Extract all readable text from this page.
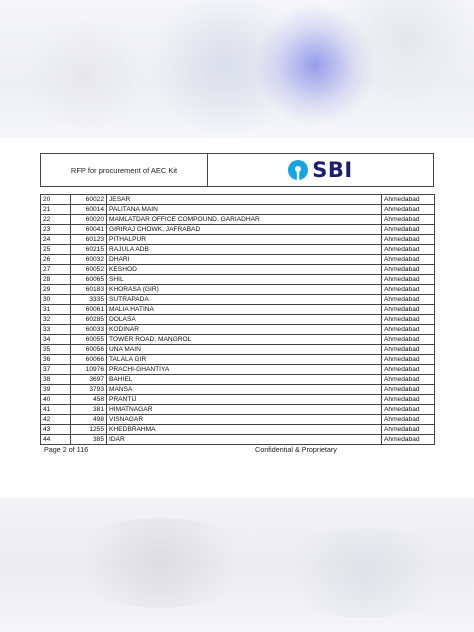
RFP for procurement of AEC Kit	SBI
20	60022	JESAR	Ahmedabad
21	60014	PALITANA MAIN	Ahmedabad
22	60020	MAMLATDAR OFFICE COMPOUND, GARIADHAR	Ahmedabad
23	60041	GIRIRAJ CHOWK, JAFRABAD	Ahmedabad
24	60123	PITHALPUR	Ahmedabad
25	60215	RAJULA ADB	Ahmedabad
26	60032	DHARI	Ahmedabad
27	60052	KESHOD	Ahmedabad
28	60065	SHIL	Ahmedabad
29	60183	KHORASA (GIR)	Ahmedabad
30	3335	SUTRAPADA	Ahmedabad
31	60061	MALIA HATINA	Ahmedabad
32	60285	DOLASA	Ahmedabad
33	60033	KODINAR	Ahmedabad
34	60055	TOWER ROAD, MANGROL	Ahmedabad
35	60056	UNA MAIN	Ahmedabad
36	60066	TALALA GIR	Ahmedabad
37	10976	PRACHI-GHANTIYA	Ahmedabad
38	3697	BAHIEL	Ahmedabad
39	3793	MANSA	Ahmedabad
40	458	PRANTIJ	Ahmedabad
41	381	HIMATNAGAR	Ahmedabad
42	498	VISNAGAR	Ahmedabad
43	1255	KHEDBRAHMA	Ahmedabad
44	385	IDAR	Ahmedabad
Page 2 of 116	Confidential & Proprietary
